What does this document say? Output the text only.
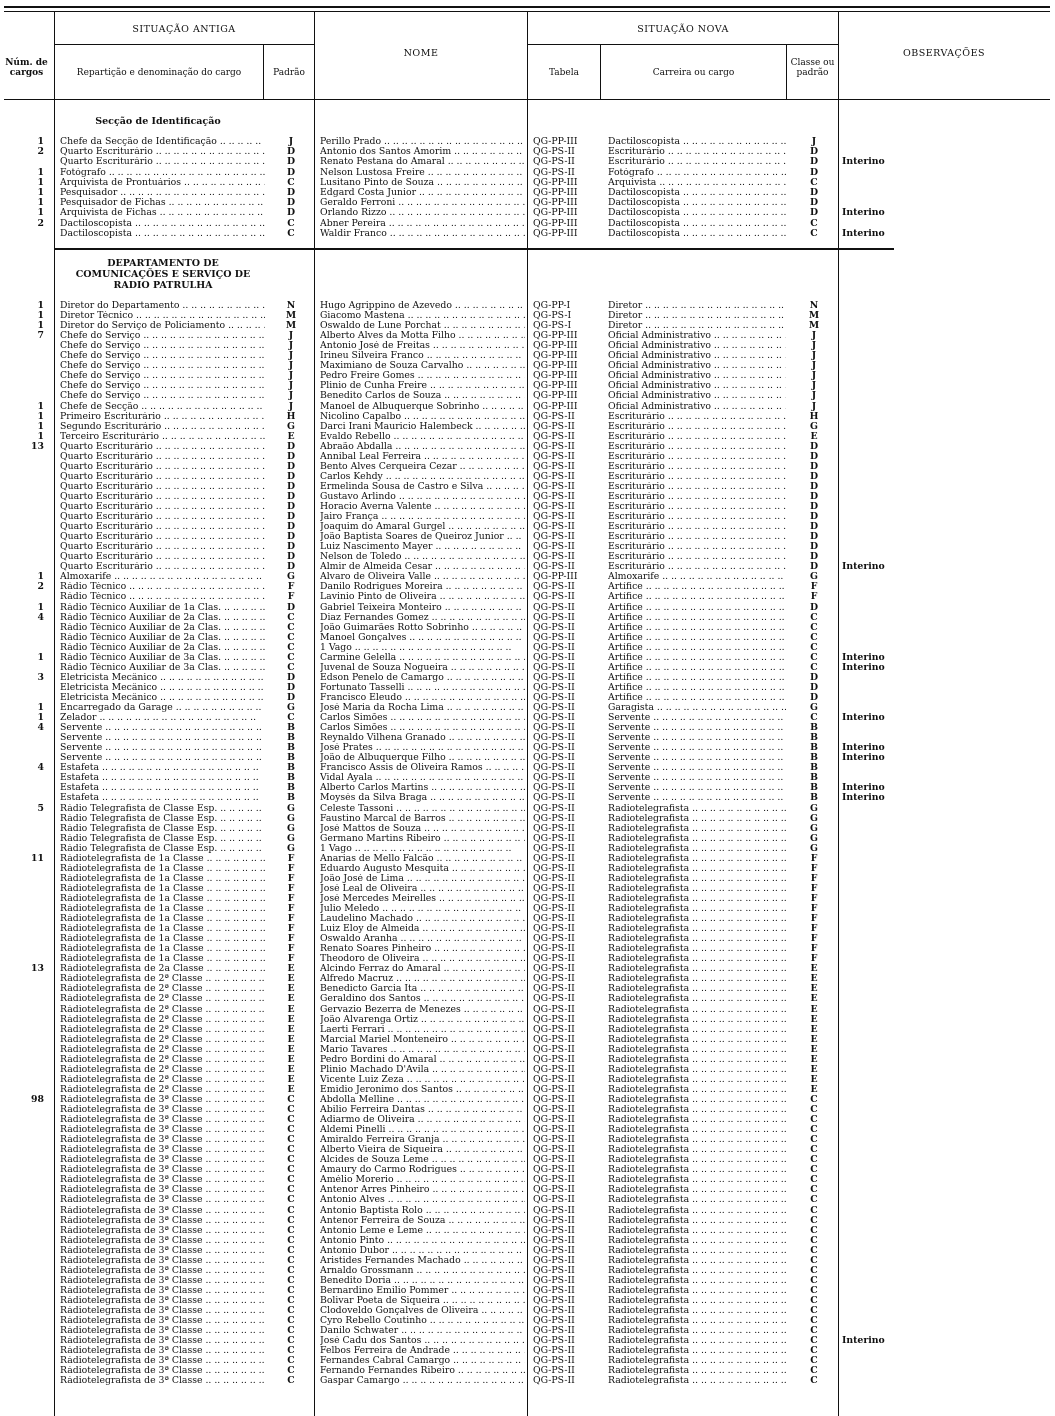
SITUAÇÃO ANTIGA
NOME
SITUAÇÃO NOVA
OBSERVAÇÕES
Núm. de cargos	Repartição e denominação do cargo	Padrão	Tabela	Carreira ou cargo
Classe ou padrão
Secção de Identificação
DEPARTAMENTO DE COMUNICAÇÕES E SERVIÇO DE RADIO PATRULHA
1 Chefe da Secção de Identificação .. ..	J	Perillo Prado .. ..	QG-PP-III	Dactiloscopista .. ..	J
2 Quarto Escriturário .. ..	D	Antonio dos Santos Amorim .. ..	QG-PS-II	Escriturário .. ..	D
Quarto Escriturário .. ..	D	Renato Pestana do Amaral .. ..	QG-PS-II	Escriturário .. ..	D	Interino
1 Fotógrafo .. ..	D	Nelson Lustosa Freire .. ..	QG-PS-II	Fotógrafo .. ..	D
1 Arquivista de Prontuários .. ..	C	Lusitano Pinto de Souza .. ..	QG-PP-III	Arquivista .. ..	C
1 Pesquisador .. ..	D	Edgard Costa Junior .. ..	QG-PP-III	Dactiloscopista .. ..	D
1 Pesquisador de Fichas .. ..	D	Geraldo Ferroni .. ..	QG-PP-III	Dactiloscopista .. ..	D
1 Arquivista de Fichas .. ..	D	Orlando Rizzo .. ..	QG-PP-III	Dactiloscopista .. ..	D	Interino
2 Dactiloscopista .. ..	C	Abner Pereira .. ..	QG-PP-III	Dactiloscopista .. ..	C
Dactiloscopista .. ..	C	Waldir Franco .. ..	QG-PP-III	Dactiloscopista .. ..	C	Interino
1 Diretor do Departamento .. ..	N	Hugo Agrippino de Azevedo .. ..	QG-PP-I	Diretor .. ..	N
1 Diretor Técnico .. ..	M	Giacomo Mastena .. ..	QG-PS-I	Diretor .. ..	M
1 Diretor do Serviço de Policiamento .. ..	M	Oswaldo de Lune Porchat .. ..	QG-PS-I	Diretor .. ..	M
7 Chefe do Serviço .. ..	J	Alberto Alves da Motta Filho .. ..	QG-PP-III	Oficial Administrativo .. ..	J
Chefe do Serviço .. ..	J	Antonio José de Freitas .. ..	QG-PP-III	Oficial Administrativo .. ..	J
Chefe do Serviço .. ..	J	Irineu Silveira Franco .. ..	QG-PP-III	Oficial Administrativo .. ..	J
Chefe do Serviço .. ..	J	Maximiano de Souza Carvalho .. ..	QG-PP-III	Oficial Administrativo .. ..	J
Chefe do Serviço .. ..	J	Pedro Freire Gomes .. ..	QG-PP-III	Oficial Administrativo .. ..	J
Chefe do Serviço .. ..	J	Plinio de Cunha Freire .. ..	QG-PP-III	Oficial Administrativo .. ..	J
Chefe do Serviço .. ..	J	Benedito Carlos de Souza .. ..	QG-PP-III	Oficial Administrativo .. ..	J
1 Chefe de Secção .. ..	J	Manoel de Albuquerque Sobrinho .. ..	QG-PP-III	Oficial Administrativo .. ..	J
1 Primeiro Escriturário .. ..	H	Nicolino Capalbo .. ..	QG-PS-II	Escriturário .. ..	H
1 Segundo Escriturário .. ..	G	Darci Irani Mauricio Halembeck .. ..	QG-PS-II	Escriturário .. ..	G
1 Terceiro Escriturário .. ..	E	Evaldo Rebello .. ..	QG-PS-II	Escriturário .. ..	E
13 Quarto Escriturário .. ..	D	Abraão Abdalla .. ..	QG-PS-II	Escriturário .. ..	D
Quarto Escriturário .. ..	D	Annibal Leal Ferreira .. ..	QG-PS-II	Escriturário .. ..	D
Quarto Escriturário .. ..	D	Bento Alves Cerqueira Cezar .. ..	QG-PS-II	Escriturário .. ..	D
Quarto Escriturário .. ..	D	Carlos Kehdy .. ..	QG-PS-II	Escriturário .. ..	D
Quarto Escriturário .. ..	D	Ermelinda Sousa de Castro e Silva .. ..	QG-PS-II	Escriturário .. ..	D
Quarto Escriturário .. ..	D	Gustavo Arlindo .. ..	QG-PS-II	Escriturário .. ..	D
Quarto Escriturário .. ..	D	Horacio Averna Valente .. ..	QG-PS-II	Escriturário .. ..	D
Quarto Escriturário .. ..	D	Jairo França .. ..	QG-PS-II	Escriturário .. ..	D
Quarto Escriturário .. ..	D	Joaquim do Amaral Gurgel .. ..	QG-PS-II	Escriturário .. ..	D
Quarto Escriturário .. ..	D	João Baptista Soares de Queiroz Junior .. ..	QG-PS-II	Escriturário .. ..	D
Quarto Escriturário .. ..	D	Luiz Nascimento Mayer .. ..	QG-PS-II	Escriturário .. ..	D
Quarto Escriturário .. ..	D	Nelson de Toledo .. ..	QG-PS-II	Escriturário .. ..	D
Quarto Escriturário .. ..	D	Almir de Almeida Cesar .. ..	QG-PS-II	Escriturário .. ..	D	Interino
1 Almoxarife .. ..	G	Alvaro de Oliveira Valle .. ..	QG-PP-III	Almoxarife .. ..	G
2 Rádio Técnico .. ..	F	Danilo Rodrigues Moreira .. ..	QG-PS-II	Artífice .. ..	F
Rádio Técnico .. ..	F	Lavinio Pinto de Oliveira .. ..	QG-PS-II	Artífice .. ..	F
1 Rádio Técnico Auxiliar de 1a Clas. .. ..	D	Gabriel Teixeira Monteiro .. ..	QG-PS-II	Artífice .. ..	D
4 Rádio Técnico Auxiliar de 2a Clas. .. ..	C	Diaz Fernandes Gomez .. ..	QG-PS-II	Artífice .. ..	C
Rádio Técnico Auxiliar de 2a Clas. .. ..	C	João Guimarães Rotto Sobrinho .. ..	QG-PS-II	Artífice .. ..	C
Rádio Técnico Auxiliar de 2a Clas. .. ..	C	Manoel Gonçalves .. ..	QG-PS-II	Artífice .. ..	C
Rádio Técnico Auxiliar de 2a Clas. .. ..	C	1 Vago .. ..	QG-PS-II	Artífice .. ..	C
1 Rádio Técnico Auxiliar de 3a Clas. .. ..	C	Carmine Gelella .. ..	QG-PS-II	Artífice .. ..	C	Interino
Rádio Técnico Auxiliar de 3a Clas. .. ..	C	Juvenal de Souza Nogueira .. ..	QG-PS-II	Artífice .. ..	C	Interino
3 Eletricista Mecânico .. ..	D	Edson Penelo de Camargo .. ..	QG-PS-II	Artífice .. ..	D
Eletricista Mecânico .. ..	D	Fortunato Tasselli .. ..	QG-PS-II	Artífice .. ..	D
Eletricista Mecânico .. ..	D	Francisco Eleudo .. ..	QG-PS-II	Artífice .. ..	D
1 Encarregado da Garage .. ..	G	José Maria da Rocha Lima .. ..	QG-PS-II	Garagista .. ..	G
1 Zelador .. ..	C	Carlos Simões .. ..	QG-PS-II	Servente .. ..	C	Interino
4 Servente .. ..	B	Carlos Simões .. ..	QG-PS-II	Servente .. ..	B
Servente .. ..	B	Reynaldo Vilhena Granado .. ..	QG-PS-II	Servente .. ..	B
Servente .. ..	B	José Prates .. ..	QG-PS-II	Servente .. ..	B	Interino
Servente .. ..	B	João de Albuquerque Filho .. ..	QG-PS-II	Servente .. ..	B	Interino
4 Estafeta .. ..	B	Francisco Assis de Oliveira Ramos .. ..	QG-PS-II	Servente .. ..	B
Estafeta .. ..	B	Vidal Ayala .. ..	QG-PS-II	Servente .. ..	B
Estafeta .. ..	B	Alberto Carlos Martins .. ..	QG-PS-II	Servente .. ..	B	Interino
Estafeta .. ..	B	Moysés da Silva Braga .. ..	QG-PS-II	Servente .. ..	B	Interino
5 Rádio Telegrafista de Classe Esp. .. ..	G	Celeste Tassoni .. ..	QG-PS-II	Radiotelegrafista .. ..	G
Rádio Telegrafista de Classe Esp. .. ..	G	Faustino Marcal de Barros .. ..	QG-PS-II	Radiotelegrafista .. ..	G
Rádio Telegrafista de Classe Esp. .. ..	G	José Mattos de Souza .. ..	QG-PS-II	Radiotelegrafista .. ..	G
Rádio Telegrafista de Classe Esp. .. ..	G	Germano Martins Ribeiro .. ..	QG-PS-II	Radiotelegrafista .. ..	G
Rádio Telegrafista de Classe Esp. .. ..	G	1 Vago .. ..	QG-PS-II	Radiotelegrafista .. ..	G
11 Rádiotelegrafista de 1a Classe .. ..	F	Anarias de Mello Falcão .. ..	QG-PS-II	Radiotelegrafista .. ..	F
Rádiotelegrafista de 1a Classe .. ..	F	Eduardo Augusto Mesquita .. ..	QG-PS-II	Radiotelegrafista .. ..	F
Rádiotelegrafista de 1a Classe .. ..	F	João José de Lima .. ..	QG-PS-II	Radiotelegrafista .. ..	F
Rádiotelegrafista de 1a Classe .. ..	F	José Leal de Oliveira .. ..	QG-PS-II	Radiotelegrafista .. ..	F
Rádiotelegrafista de 1a Classe .. ..	F	José Mercedes Meirelles .. ..	QG-PS-II	Radiotelegrafista .. ..	F
Rádiotelegrafista de 1a Classe .. ..	F	Julio Meledo .. ..	QG-PS-II	Radiotelegrafista .. ..	F
Rádiotelegrafista de 1a Classe .. ..	F	Laudelino Machado .. ..	QG-PS-II	Radiotelegrafista .. ..	F
Rádiotelegrafista de 1a Classe .. ..	F	Luiz Eloy de Almeida .. ..	QG-PS-II	Radiotelegrafista .. ..	F
Rádiotelegrafista de 1a Classe .. ..	F	Oswaldo Aranha .. ..	QG-PS-II	Radiotelegrafista .. ..	F
Rádiotelegrafista de 1a Classe .. ..	F	Renato Soares Pinheiro .. ..	QG-PS-II	Radiotelegrafista .. ..	F
Rádiotelegrafista de 1a Classe .. ..	F	Theodoro de Oliveira .. ..	QG-PS-II	Radiotelegrafista .. ..	F
13 Rádiotelegrafista de 2a Classe .. ..	E	Alcindo Ferraz do Amaral .. ..	QG-PS-II	Radiotelegrafista .. ..	E
Rádiotelegrafista de 2ª Classe .. ..	E	Alfredo Macruz .. ..	QG-PS-II	Radiotelegrafista .. ..	E
Rádiotelegrafista de 2ª Classe .. ..	E	Benedicto Garcia Ita .. ..	QG-PS-II	Radiotelegrafista .. ..	E
Rádiotelegrafista de 2ª Classe .. ..	E	Geraldino dos Santos .. ..	QG-PS-II	Radiotelegrafista .. ..	E
Rádiotelegrafista de 2ª Classe .. ..	E	Gervazio Bezerra de Menezes .. ..	QG-PS-II	Radiotelegrafista .. ..	E
Rádiotelegrafista de 2ª Classe .. ..	E	João Alvarenga Ortiz .. ..	QG-PS-II	Radiotelegrafista .. ..	E
Rádiotelegrafista de 2ª Classe .. ..	E	Laerti Ferrari .. ..	QG-PS-II	Radiotelegrafista .. ..	E
Rádiotelegrafista de 2ª Classe .. ..	E	Marcial Mariel Monteneiro .. ..	QG-PS-II	Radiotelegrafista .. ..	E
Rádiotelegrafista de 2ª Classe .. ..	E	Mario Tavares .. ..	QG-PS-II	Radiotelegrafista .. ..	E
Rádiotelegrafista de 2ª Classe .. ..	E	Pedro Bordini do Amaral .. ..	QG-PS-II	Radiotelegrafista .. ..	E
Rádiotelegrafista de 2ª Classe .. ..	E	Plinio Machado D'Avila .. ..	QG-PS-II	Radiotelegrafista .. ..	E
Rádiotelegrafista de 2ª Classe .. ..	E	Vicente Luiz Zeza .. ..	QG-PS-II	Radiotelegrafista .. ..	E
Rádiotelegrafista de 2ª Classe .. ..	E	Emidio Jeronimo dos Santos .. ..	QG-PS-II	Radiotelegrafista .. ..	E
98 Rádiotelegrafista de 3ª Classe .. ..	C	Abdolla Melline .. ..	QG-PS-II	Radiotelegrafista .. ..	C
Rádiotelegrafista de 3ª Classe .. ..	C	Abilio Ferreira Dantas .. ..	QG-PS-II	Radiotelegrafista .. ..	C
Rádiotelegrafista de 3ª Classe .. ..	C	Adiarmo de Oliveira .. ..	QG-PS-II	Radiotelegrafista .. ..	C
Rádiotelegrafista de 3ª Classe .. ..	C	Aldemi Pinelli .. ..	QG-PS-II	Radiotelegrafista .. ..	C
Rádiotelegrafista de 3ª Classe .. ..	C	Amiraldo Ferreira Granja .. ..	QG-PS-II	Radiotelegrafista .. ..	C
Rádiotelegrafista de 3ª Classe .. ..	C	Alberto Vieira de Siqueira .. ..	QG-PS-II	Radiotelegrafista .. ..	C
Rádiotelegrafista de 3ª Classe .. ..	C	Alcides de Souza Leme .. ..	QG-PS-II	Radiotelegrafista .. ..	C
Rádiotelegrafista de 3ª Classe .. ..	C	Amaury do Carmo Rodrigues .. ..	QG-PS-II	Radiotelegrafista .. ..	C
Rádiotelegrafista de 3ª Classe .. ..	C	Amélio Morerio .. ..	QG-PS-II	Radiotelegrafista .. ..	C
Rádiotelegrafista de 3ª Classe .. ..	C	Antenor Arres Pinheiro .. ..	QG-PS-II	Radiotelegrafista .. ..	C
Rádiotelegrafista de 3ª Classe .. ..	C	Antonio Alves .. ..	QG-PS-II	Radiotelegrafista .. ..	C
Rádiotelegrafista de 3ª Classe .. ..	C	Antonio Baptista Rolo .. ..	QG-PS-II	Radiotelegrafista .. ..	C
Rádiotelegrafista de 3ª Classe .. ..	C	Antenor Ferreira de Souza .. ..	QG-PS-II	Radiotelegrafista .. ..	C
Rádiotelegrafista de 3ª Classe .. ..	C	Antonio Leme e Leme .. ..	QG-PS-II	Radiotelegrafista .. ..	C
Rádiotelegrafista de 3ª Classe .. ..	C	Antonio Pinto .. ..	QG-PS-II	Radiotelegrafista .. ..	C
Rádiotelegrafista de 3ª Classe .. ..	C	Antonio Dubor .. ..	QG-PS-II	Radiotelegrafista .. ..	C
Rádiotelegrafista de 3ª Classe .. ..	C	Aristides Fernandes Machado .. ..	QG-PS-II	Radiotelegrafista .. ..	C
Rádiotelegrafista de 3ª Classe .. ..	C	Arnaldo Grossmann .. ..	QG-PS-II	Radiotelegrafista .. ..	C
Rádiotelegrafista de 3ª Classe .. ..	C	Benedito Doria .. ..	QG-PS-II	Radiotelegrafista .. ..	C
Rádiotelegrafista de 3ª Classe .. ..	C	Bernardino Emilio Pommer .. ..	QG-PS-II	Radiotelegrafista .. ..	C
Rádiotelegrafista de 3ª Classe .. ..	C	Bolivar Poeta de Siqueira .. ..	QG-PS-II	Radiotelegrafista .. ..	C
Rádiotelegrafista de 3ª Classe .. ..	C	Clodoveldo Gonçalves de Oliveira .. ..	QG-PS-II	Radiotelegrafista .. ..	C
Rádiotelegrafista de 3ª Classe .. ..	C	Cyro Rebello Coutinho .. ..	QG-PS-II	Radiotelegrafista .. ..	C
Rádiotelegrafista de 3ª Classe .. ..	C	Danilo Schwater .. ..	QG-PS-II	Radiotelegrafista .. ..	C
Rádiotelegrafista de 3ª Classe .. ..	C	José Cadu dos Santos .. ..	QG-PS-II	Radiotelegrafista .. ..	C	Interino
Rádiotelegrafista de 3ª Classe .. ..	C	Felbos Ferreira de Andrade .. ..	QG-PS-II	Radiotelegrafista .. ..	C
Rádiotelegrafista de 3ª Classe .. ..	C	Fernandes Cabral Camargo .. ..	QG-PS-II	Radiotelegrafista .. ..	C
Rádiotelegrafista de 3ª Classe .. ..	C	Fernando Fernandes Ribeiro .. ..	QG-PS-II	Radiotelegrafista .. ..	C
Rádiotelegrafista de 3ª Classe .. ..	C	Gaspar Camargo .. ..	QG-PS-II	Radiotelegrafista .. ..	C
